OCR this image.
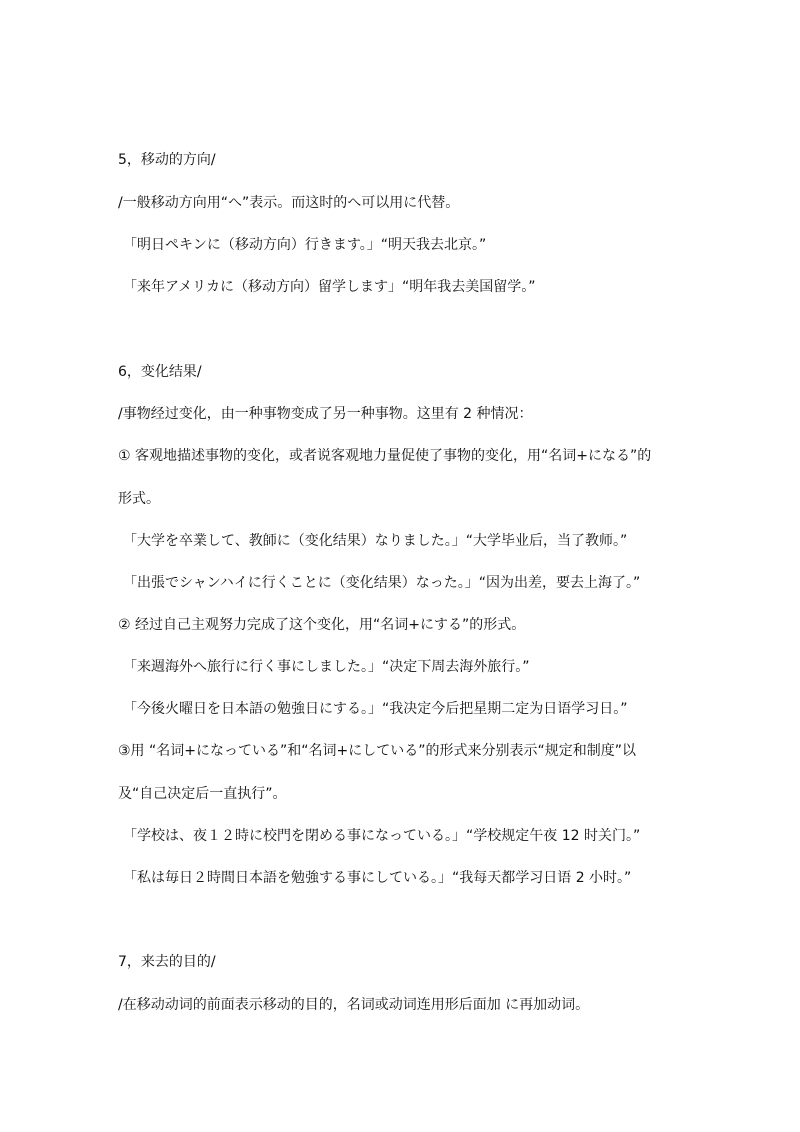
5，移动的方向/
/一般移动方向用“へ”表示。而这时的へ可以用に代替。
「明日ペキンに（移动方向）行きます。」“明天我去北京。”
「来年アメリカに（移动方向）留学します」“明年我去美国留学。”
6，变化结果/
/事物经过变化，由一种事物变成了另一种事物。这里有 2 种情况：
① 客观地描述事物的变化，或者说客观地力量促使了事物的变化，用“名词+になる”的
形式。
「大学を卒業して、教師に（变化结果）なりました。」“大学毕业后，当了教师。”
「出張でシャンハイに行くことに（变化结果）なった。」“因为出差，要去上海了。”
② 经过自己主观努力完成了这个变化，用“名词+にする”的形式。
「来週海外へ旅行に行く事にしました。」“决定下周去海外旅行。”
「今後火曜日を日本語の勉強日にする。」“我决定今后把星期二定为日语学习日。”
③用 “名词+になっている”和“名词+にしている”的形式来分别表示“规定和制度”以
及“自己决定后一直执行”。
「学校は、夜１２時に校門を閉める事になっている。」“学校规定午夜 12 时关门。”
「私は毎日２時間日本語を勉強する事にしている。」“我每天都学习日语 2 小时。”
7，来去的目的/
/在移动动词的前面表示移动的目的，名词或动词连用形后面加 に再加动词。
